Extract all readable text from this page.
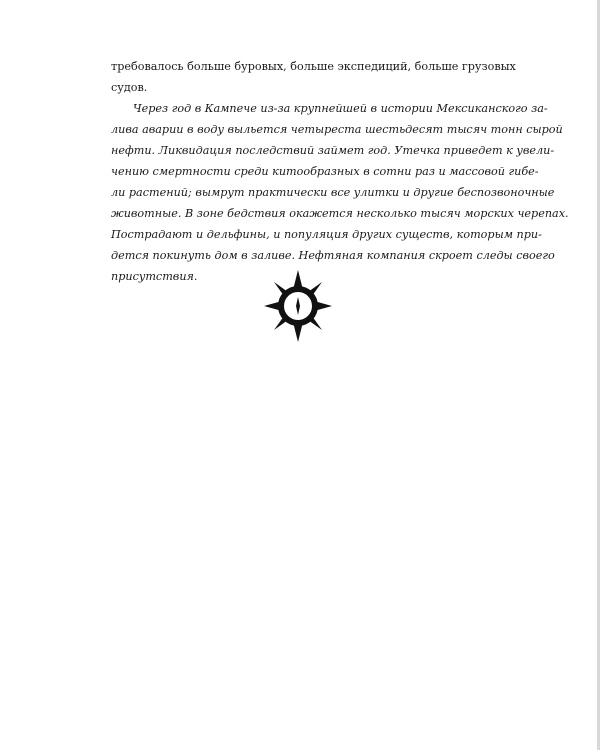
требовалось больше буровых, больше экспедиций, больше грузовых
судов.
Через год в Кампече из-за крупнейшей в истории Мексиканского за-
лива аварии в воду выльется четыреста шестьдесят тысяч тонн сырой
нефти. Ликвидация последствий займет год. Утечка приведет к увели-
чению смертности среди китообразных в сотни раз и массовой гибе-
ли растений; вымрут практически все улитки и другие беспозвоночные
животные. В зоне бедствия окажется несколько тысяч морских черепах.
Пострадают и дельфины, и популяция других существ, которым при-
дется покинуть дом в заливе. Нефтяная компания скроет следы своего
присутствия.
